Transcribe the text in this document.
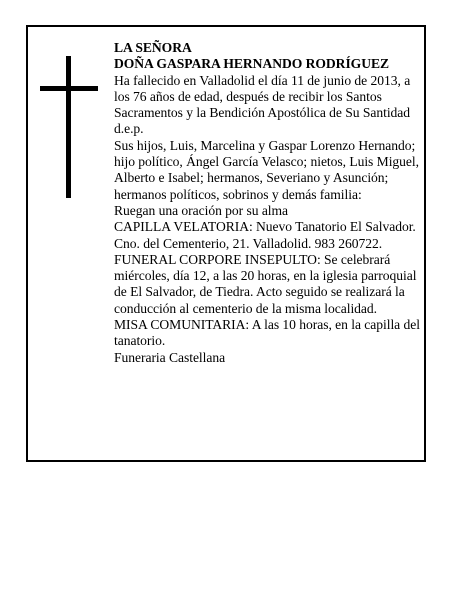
LA SEÑORA

DOÑA GASPARA HERNANDO RODRÍGUEZ

Ha fallecido en Valladolid el día 11 de junio de 2013, a los 76 años de edad, después de recibir los Santos Sacramentos y la Bendición Apostólica de Su Santidad d.e.p.

Sus hijos, Luis, Marcelina y Gaspar Lorenzo Hernando; hijo político, Ángel García Velasco; nietos, Luis Miguel, Alberto e Isabel; hermanos, Severiano y Asunción; hermanos políticos, sobrinos y demás familia:

Ruegan una oración por su alma

CAPILLA VELATORIA: Nuevo Tanatorio El Salvador. Cno. del Cementerio, 21. Valladolid. 983 260722.

FUNERAL CORPORE INSEPULTO: Se celebrará miércoles, día 12, a las 20 horas, en la iglesia parroquial de El Salvador, de Tiedra. Acto seguido se realizará la conducción al cementerio de la misma localidad.

MISA COMUNITARIA: A las 10 horas, en la capilla del tanatorio.

Funeraria Castellana
